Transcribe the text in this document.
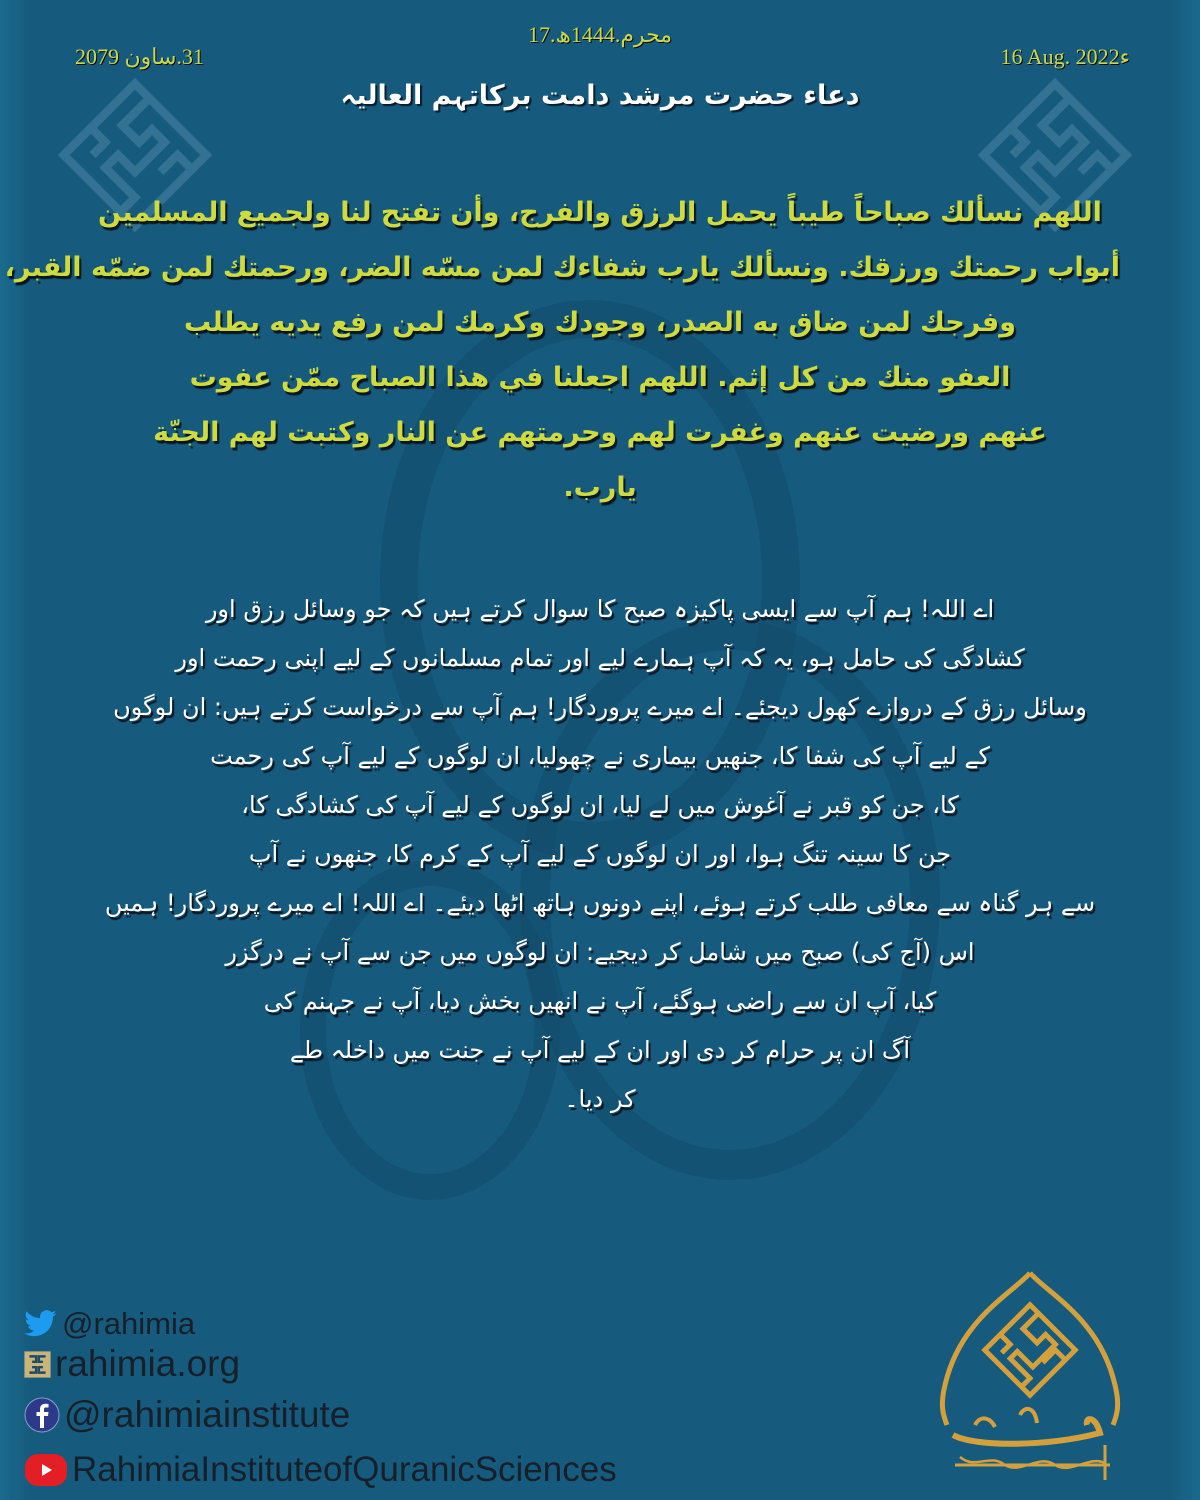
17.محرم.1444ھ
31.ساون 2079	16 Aug. 2022ء
دعاء حضرت مرشد دامت برکاتہم العالیہ
اللهم نسألك صباحاً طيباً يحمل الرزق والفرج، وأن تفتح لنا ولجميع المسلمين
أبواب رحمتك ورزقك. ونسألك يارب شفاءك لمن مسّه الضر، ورحمتك لمن ضمّه القبر،
وفرجك لمن ضاق به الصدر، وجودك وكرمك لمن رفع يديه يطلب
العفو منك من كل إثم. اللهم اجعلنا في هذا الصباح ممّن عفوت
عنهم ورضيت عنهم وغفرت لهم وحرمتهم عن النار وكتبت لهم الجنّة
يارب.
اے اللہ! ہم آپ سے ایسی پاکیزہ صبح کا سوال کرتے ہیں کہ جو وسائل رزق اور
کشادگی کی حامل ہو، یہ کہ آپ ہمارے لیے اور تمام مسلمانوں کے لیے اپنی رحمت اور
وسائل رزق کے دروازے کھول دیجئے۔ اے میرے پروردگار! ہم آپ سے درخواست کرتے ہیں: ان لوگوں
کے لیے آپ کی شفا کا، جنھیں بیماری نے چھولیا، ان لوگوں کے لیے آپ کی رحمت
کا، جن کو قبر نے آغوش میں لے لیا، ان لوگوں کے لیے آپ کی کشادگی کا،
جن کا سینہ تنگ ہوا، اور ان لوگوں کے لیے آپ کے کرم کا، جنھوں نے آپ
سے ہر گناہ سے معافی طلب کرتے ہوئے، اپنے دونوں ہاتھ اٹھا دیئے۔ اے اللہ! اے میرے پروردگار! ہمیں
اس (آج کی) صبح میں شامل کر دیجیے: ان لوگوں میں جن سے آپ نے درگزر
کیا، آپ ان سے راضی ہوگئے، آپ نے انھیں بخش دیا، آپ نے جہنم کی
آگ ان پر حرام کر دی اور ان کے لیے آپ نے جنت میں داخلہ طے
کر دیا۔
@rahimia
rahimia.org
@rahimiainstitute
RahimiaInstituteofQuranicSciences
